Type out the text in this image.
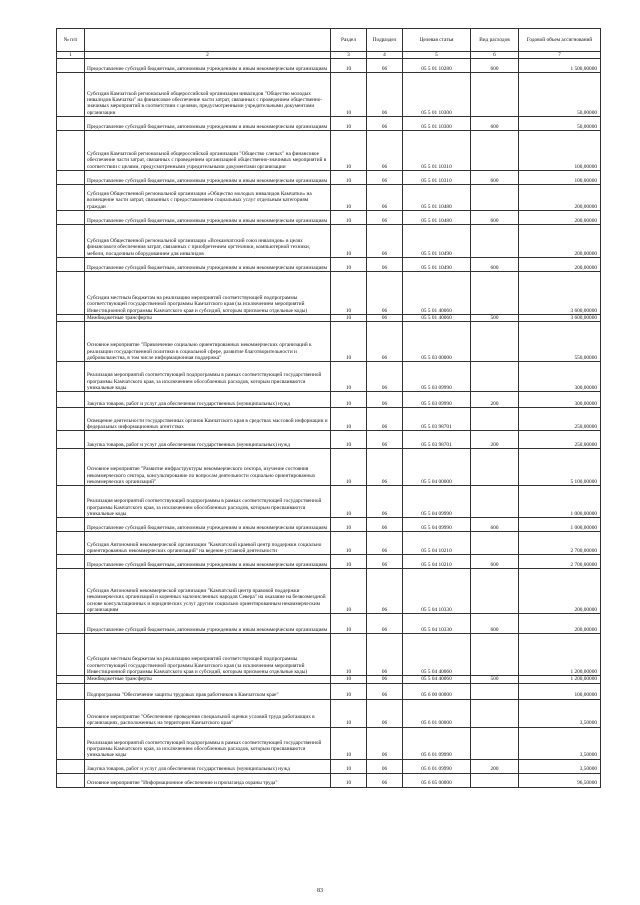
№ п/п		Раздел	Подраздел	Целевая статья	Вид расходов	Годовой объем ассигнований
1	2	3	4	5	6	7
	Предоставление субсидий бюджетным, автономным учреждениям и иным некоммерческим организациям	10	06	05 5 01 10280	600	1 500,00000
	Субсидия Камчатской региональной общероссийской организации инвалидов "Общество молодых инвалидов Камчатки" на финансовое обеспечение части затрат, связанных с проведением общественно-значимых мероприятий в соответствии с целями, предусмотренными учредительными документами организации	10	06	05 5 01 10300		50,00000
	Предоставление субсидий бюджетным, автономным учреждениям и иным некоммерческим организациям	10	06	05 5 01 10300	600	50,00000
	Субсидия Камчатской региональной общероссийской организации "Общество слепых" на финансовое обеспечение части затрат, связанных с проведением организацией общественно-значимых мероприятий в соответствии с целями, предусмотренными учредительными документами организации	10	06	05 5 01 10310		100,00000
	Предоставление субсидий бюджетным, автономным учреждениям и иным некоммерческим организациям	10	06	05 5 01 10310	600	100,00000
	Субсидия Общественной региональной организации «Общество молодых инвалидов Камчатки» на возмещение части затрат, связанных с предоставлением социальных услуг отдельным категориям граждан	10	06	05 5 01 10480		200,00000
	Предоставление субсидий бюджетным, автономным учреждениям и иным некоммерческим организациям	10	06	05 5 01 10480	600	200,00000
	Субсидия Общественной региональной организации «Всекамчатский союз инвалидов» в целях финансового обеспечения затрат, связанных с приобретением оргтехники, компьютерной техники, мебели, посадочным оборудованием для инвалидов	10	06	05 5 01 10490		200,00000
	Предоставление субсидий бюджетным, автономным учреждениям и иным некоммерческим организациям	10	06	05 5 01 10490	600	200,00000
	Субсидии местным бюджетам на реализацию мероприятий соответствующей подпрограммы соответствующей государственной программы Камчатского края (за исключением мероприятий Инвестиционной программы Камчатского края и субсидий, которым присвоены отдельные коды)	10	06	05 5 01 40060		3 600,00000
	Межбюджетные трансферты	10	06	05 5 01 40060	500	3 600,00000
	Основное мероприятие "Привлечение социально ориентированных некоммерческих организаций к реализации государственной политики в социальной сфере, развитие благотворительности и добровольчества, в том числе информационная поддержка"	10	06	05 5 03 00000		550,00000
	Реализация мероприятий соответствующей подпрограммы в рамках соответствующей государственной программы Камчатского края, за исключением обособленных расходов, которым присваиваются уникальные коды	10	06	05 5 03 09990		300,00000
	Закупка товаров, работ и услуг для обеспечения государственных (муниципальных) нужд	10	06	05 5 03 09990	200	300,00000
	Освещение деятельности государственных органов Камчатского края в средствах массовой информации и федеральных информационных агентствах	10	06	05 5 03 98701		250,00000
	Закупка товаров, работ и услуг для обеспечения государственных (муниципальных) нужд	10	06	05 5 03 98701	200	250,00000
	Основное мероприятие "Развитие инфраструктуры некоммерческого сектора, изучение состояния некоммерческого сектора, консультирование по вопросам деятельности социально ориентированных некоммерческих организаций"	10	06	05 5 04 00000		5 100,00000
	Реализация мероприятий соответствующей подпрограммы в рамках соответствующей государственной программы Камчатского края, за исключением обособленных расходов, которым присваиваются уникальные коды	10	06	05 5 04 09990		1 000,00000
	Предоставление субсидий бюджетным, автономным учреждениям и иным некоммерческим организациям	10	06	05 5 04 09990	600	1 000,00000
	Субсидия Автономной некоммерческой организации "Камчатский краевой центр поддержки социально ориентированных некоммерческих организаций" на ведение уставной деятельности	10	06	05 5 04 10210		2 700,00000
	Предоставление субсидий бюджетным, автономным учреждениям и иным некоммерческим организациям	10	06	05 5 04 10210	600	2 700,00000
	Субсидия Автономной некоммерческой организации "Камчатский центр правовой поддержки некоммерческих организаций и коренных малочисленных народов Севера" на оказание на безвозмездной основе консультационных и юридических услуг другим социально ориентированным некоммерческим организациям	10	06	05 5 04 10330		200,00000
	Предоставление субсидий бюджетным, автономным учреждениям и иным некоммерческим организациям	10	06	05 5 04 10330	600	200,00000
	Субсидии местным бюджетам на реализацию мероприятий соответствующей подпрограммы соответствующей государственной программы Камчатского края (за исключением мероприятий Инвестиционной программы Камчатского края и субсидий, которым присвоены отдельные коды)	10	06	05 5 04 40060		1 200,00000
	Межбюджетные трансферты	10	06	05 5 04 40060	500	1 200,00000
	Подпрограмма "Обеспечение защиты трудовых прав работников в Камчатском крае"	10	06	05 6 00 00000		100,00000
	Основное мероприятие "Обеспечение проведения специальной оценки условий труда работающих в организациях, расположенных на территории Камчатского края"	10	06	05 6 01 00000		3,50000
	Реализация мероприятий соответствующей подпрограммы в рамках соответствующей государственной программы Камчатского края, за исключением обособленных расходов, которым присваиваются уникальные коды	10	06	05 6 01 09990		3,50000
	Закупка товаров, работ и услуг для обеспечения государственных (муниципальных) нужд	10	06	05 6 01 09990	200	3,50000
	Основное мероприятие "Информационное обеспечение и пропаганда охраны труда"	10	06	05 6 05 00000		96,50000
83
